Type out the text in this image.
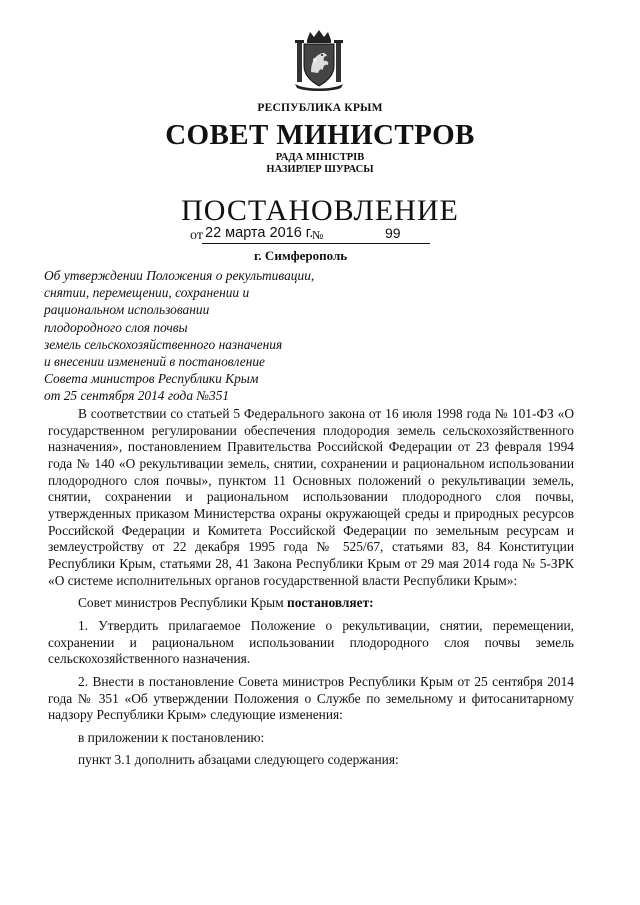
РЕСПУБЛИКА КРЫМ
СОВЕТ МИНИСТРОВ
РАДА МІНІСТРІВ
НАЗИРЛЕР ШУРАСЫ
ПОСТАНОВЛЕНИЕ
от 22 марта 2016 г.
№	99
г. Симферополь
Об утверждении Положения о рекультивации,
снятии, перемещении, сохранении и
рациональном использовании
плодородного слоя почвы
земель сельскохозяйственного назначения
и внесении изменений в постановление
Совета министров Республики Крым
от 25 сентября 2014 года №351

В соответствии со статьей 5 Федерального закона от 16 июля 1998 года № 101-ФЗ «О государственном регулировании обеспечения плодородия земель сельскохозяйственного назначения», постановлением Правительства Российской Федерации от 23 февраля 1994 года № 140 «О рекультивации земель, снятии, сохранении и рациональном использовании плодородного слоя почвы», пунктом 11 Основных положений о рекультивации земель, снятии, сохранении и рациональном использовании плодородного слоя почвы, утвержденных приказом Министерства охраны окружающей среды и природных ресурсов Российской Федерации и Комитета Российской Федерации по земельным ресурсам и землеустройству от 22 декабря 1995 года № 525/67, статьями 83, 84 Конституции Республики Крым, статьями 28, 41 Закона Республики Крым от 29 мая 2014 года № 5-ЗРК «О системе исполнительных органов государственной власти Республики Крым»:

Совет министров Республики Крым постановляет:

1. Утвердить прилагаемое Положение о рекультивации, снятии, перемещении, сохранении и рациональном использовании плодородного слоя почвы земель сельскохозяйственного назначения.

2. Внести в постановление Совета министров Республики Крым от 25 сентября 2014 года № 351 «Об утверждении Положения о Службе по земельному и фитосанитарному надзору Республики Крым» следующие изменения:

в приложении к постановлению:

пункт 3.1 дополнить абзацами следующего содержания:
